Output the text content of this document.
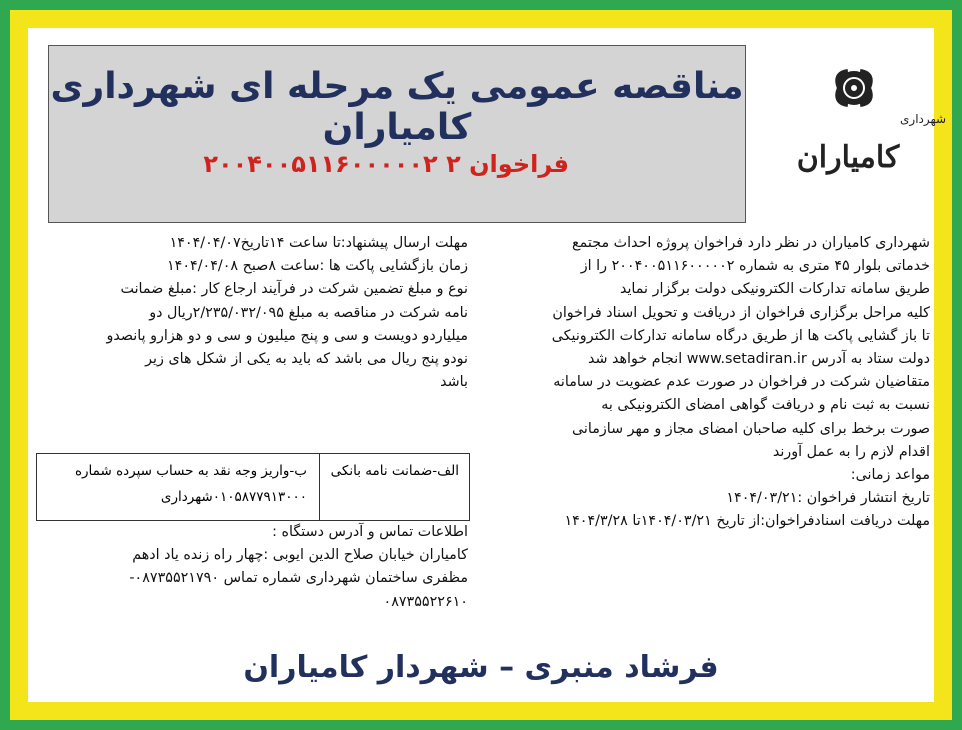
مناقصه عمومی یک مرحله ای شهرداری کامیاران
فراخوان ۲ ۲۰۰۴۰۰۵۱۱۶۰۰۰۰۰۲
شهرداری
کامیاران

شهرداری کامیاران در نظر دارد فراخوان پروژه احداث مجتمع

خدماتی بلوار ۴۵ متری به شماره ۲۰۰۴۰۰۵۱۱۶۰۰۰۰۰۲ را از

طریق سامانه تدارکات الکترونیکی دولت برگزار نماید

کلیه مراحل برگزاری فراخوان از دریافت و تحویل اسناد فراخوان

تا باز گشایی پاکت ها از طریق درگاه سامانه تدارکات الکترونیکی

دولت ستاد به آدرس www.setadiran.ir انجام خواهد شد

متقاضیان شرکت در فراخوان در صورت عدم عضویت در سامانه

نسبت به ثبت نام و دریافت گواهی امضای الکترونیکی به

صورت برخط برای کلیه صاحبان امضای مجاز و مهر سازمانی

اقدام لازم را به عمل آورند

مواعد زمانی:

تاریخ انتشار فراخوان :۱۴۰۴/۰۳/۲۱

مهلت دریافت اسنادفراخوان:از تاریخ ۱۴۰۴/۰۳/۲۱تا ۱۴۰۴/۳/۲۸

مهلت ارسال پیشنهاد:تا ساعت ۱۴تاریخ۱۴۰۴/۰۴/۰۷

زمان بازگشایی پاکت ها :ساعت ۸صبح ۱۴۰۴/۰۴/۰۸

نوع و مبلغ تضمین شرکت در فرآیند ارجاع کار :مبلغ ضمانت

نامه شرکت در مناقصه به مبلغ ۲/۲۳۵/۰۳۲/۰۹۵ریال دو

میلیاردو دویست و سی و پنج میلیون و سی و دو هزارو پانصدو

نودو پنج ریال می باشد که باید به یکی از شکل های زیر

باشد

الف-ضمانت نامه بانکی
ب-واریز وجه نقد به حساب سپرده شماره ۰۱۰۵۸۷۷۹۱۳۰۰۰شهرداری

اطلاعات تماس و آدرس دستگاه :

کامیاران خیابان صلاح الدین ایوبی :چهار راه زنده یاد ادهم

مظفری ساختمان شهرداری شماره تماس ۰۸۷۳۵۵۲۱۷۹۰-

۰۸۷۳۵۵۲۲۶۱۰

فرشاد منبری – شهردار کامیاران
